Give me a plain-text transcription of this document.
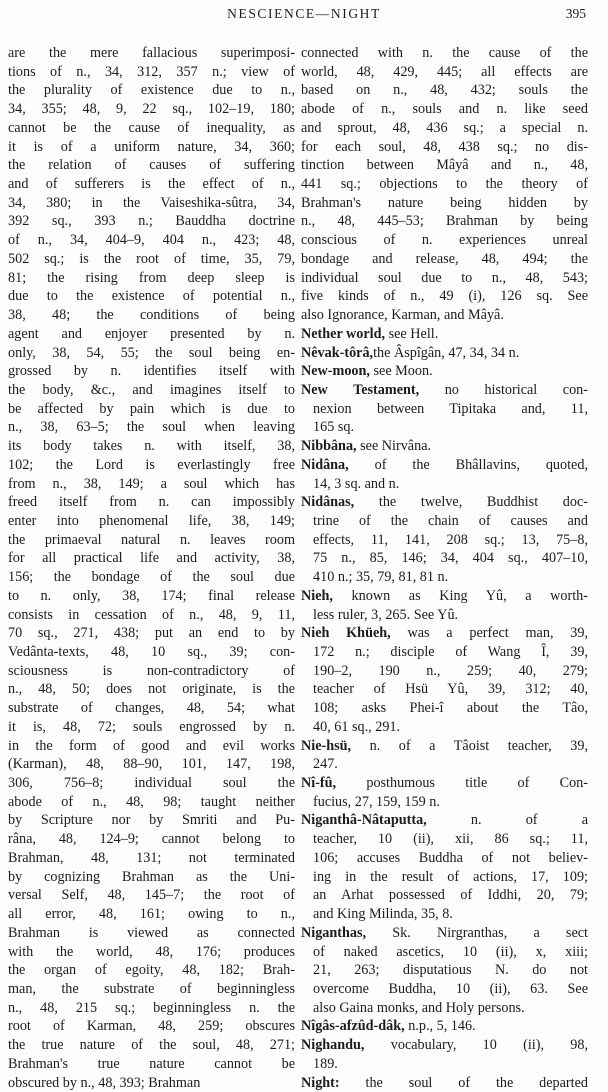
NESCIENCE—NIGHT	395
are the mere fallacious superimposi-
tions of n., 34, 312, 357 n.; view of
the plurality of existence due to n.,
34, 355; 48, 9, 22 sq., 102–19, 180;
cannot be the cause of inequality, as
it is of a uniform nature, 34, 360;
the relation of causes of suffering
and of sufferers is the effect of n.,
34, 380; in the Vaiseshika-sûtra, 34,
392 sq., 393 n.; Bauddha doctrine
of n., 34, 404–9, 404 n., 423; 48,
502 sq.; is the root of time, 35, 79,
81; the rising from deep sleep is
due to the existence of potential n.,
38, 48; the conditions of being
agent and enjoyer presented by n.
only, 38, 54, 55; the soul being en-
grossed by n. identifies itself with
the body, &c., and imagines itself to
be affected by pain which is due to
n., 38, 63–5; the soul when leaving
its body takes n. with itself, 38,
102; the Lord is everlastingly free
from n., 38, 149; a soul which has
freed itself from n. can impossibly
enter into phenomenal life, 38, 149;
the primaeval natural n. leaves room
for all practical life and activity, 38,
156; the bondage of the soul due
to n. only, 38, 174; final release
consists in cessation of n., 48, 9, 11,
70 sq., 271, 438; put an end to by
Vedânta-texts, 48, 10 sq., 39; con-
sciousness is non-contradictory of
n., 48, 50; does not originate, is the
substrate of changes, 48, 54; what
it is, 48, 72; souls engrossed by n.
in the form of good and evil works
(Karman), 48, 88–90, 101, 147, 198,
306, 756–8; individual soul the
abode of n., 48, 98; taught neither
by Scripture nor by Smriti and Pu-
râna, 48, 124–9; cannot belong to
Brahman, 48, 131; not terminated
by cognizing Brahman as the Uni-
versal Self, 48, 145–7; the root of
all error, 48, 161; owing to n.,
Brahman is viewed as connected
with the world, 48, 176; produces
the organ of egoity, 48, 182; Brah-
man, the substrate of beginningless
n., 48, 215 sq.; beginningless n. the
root of Karman, 48, 259; obscures
the true nature of the soul, 48, 271;
Brahman's true nature cannot be
obscured by n., 48, 393; Brahman
connected with n. the cause of the
world, 48, 429, 445; all effects are
based on n., 48, 432; souls the
abode of n., souls and n. like seed
and sprout, 48, 436 sq.; a special n.
for each soul, 48, 438 sq.; no dis-
tinction between Mâyâ and n., 48,
441 sq.; objections to the theory of
Brahman's nature being hidden by
n., 48, 445–53; Brahman by being
conscious of n. experiences unreal
bondage and release, 48, 494; the
individual soul due to n., 48, 543;
five kinds of n., 49 (i), 126 sq. See
also Ignorance, Karman, and Mâyâ.
Nether world, see Hell.
Nêvak-tôrâ,the Âspîgân, 47, 34, 34 n.
New-moon, see Moon.
New Testament, no historical con-
nexion between Tipitaka and, 11,
165 sq.
Nibbâna, see Nirvâna.
Nidâna, of the Bhâllavins, quoted,
14, 3 sq. and n.
Nidânas, the twelve, Buddhist doc-
trine of the chain of causes and
effects, 11, 141, 208 sq.; 13, 75–8,
75 n., 85, 146; 34, 404 sq., 407–10,
410 n.; 35, 79, 81, 81 n.
Nieh, known as King Yû, a worth-
less ruler, 3, 265. See Yû.
Nieh Khüeh, was a perfect man, 39,
172 n.; disciple of Wang Î, 39,
190–2, 190 n., 259; 40, 279;
teacher of Hsü Yû, 39, 312; 40,
108; asks Phei-î about the Tâo,
40, 61 sq., 291.
Nie-hsü, n. of a Tâoist teacher, 39,
247.
Nî-fû, posthumous title of Con-
fucius, 27, 159, 159 n.
Niganthâ-Nâtaputta, n. of a
teacher, 10 (ii), xii, 86 sq.; 11,
106; accuses Buddha of not believ-
ing in the result of actions, 17, 109;
an Arhat possessed of Iddhi, 20, 79;
and King Milinda, 35, 8.
Niganthas, Sk. Nirgranthas, a sect
of naked ascetics, 10 (ii), x, xiii;
21, 263; disputatious N. do not
overcome Buddha, 10 (ii), 63. See
also Gaina monks, and Holy persons.
Nîgâs-afzûd-dâk, n.p., 5, 146.
Nighandu, vocabulary, 10 (ii), 98,
189.
Night: the soul of the departed
